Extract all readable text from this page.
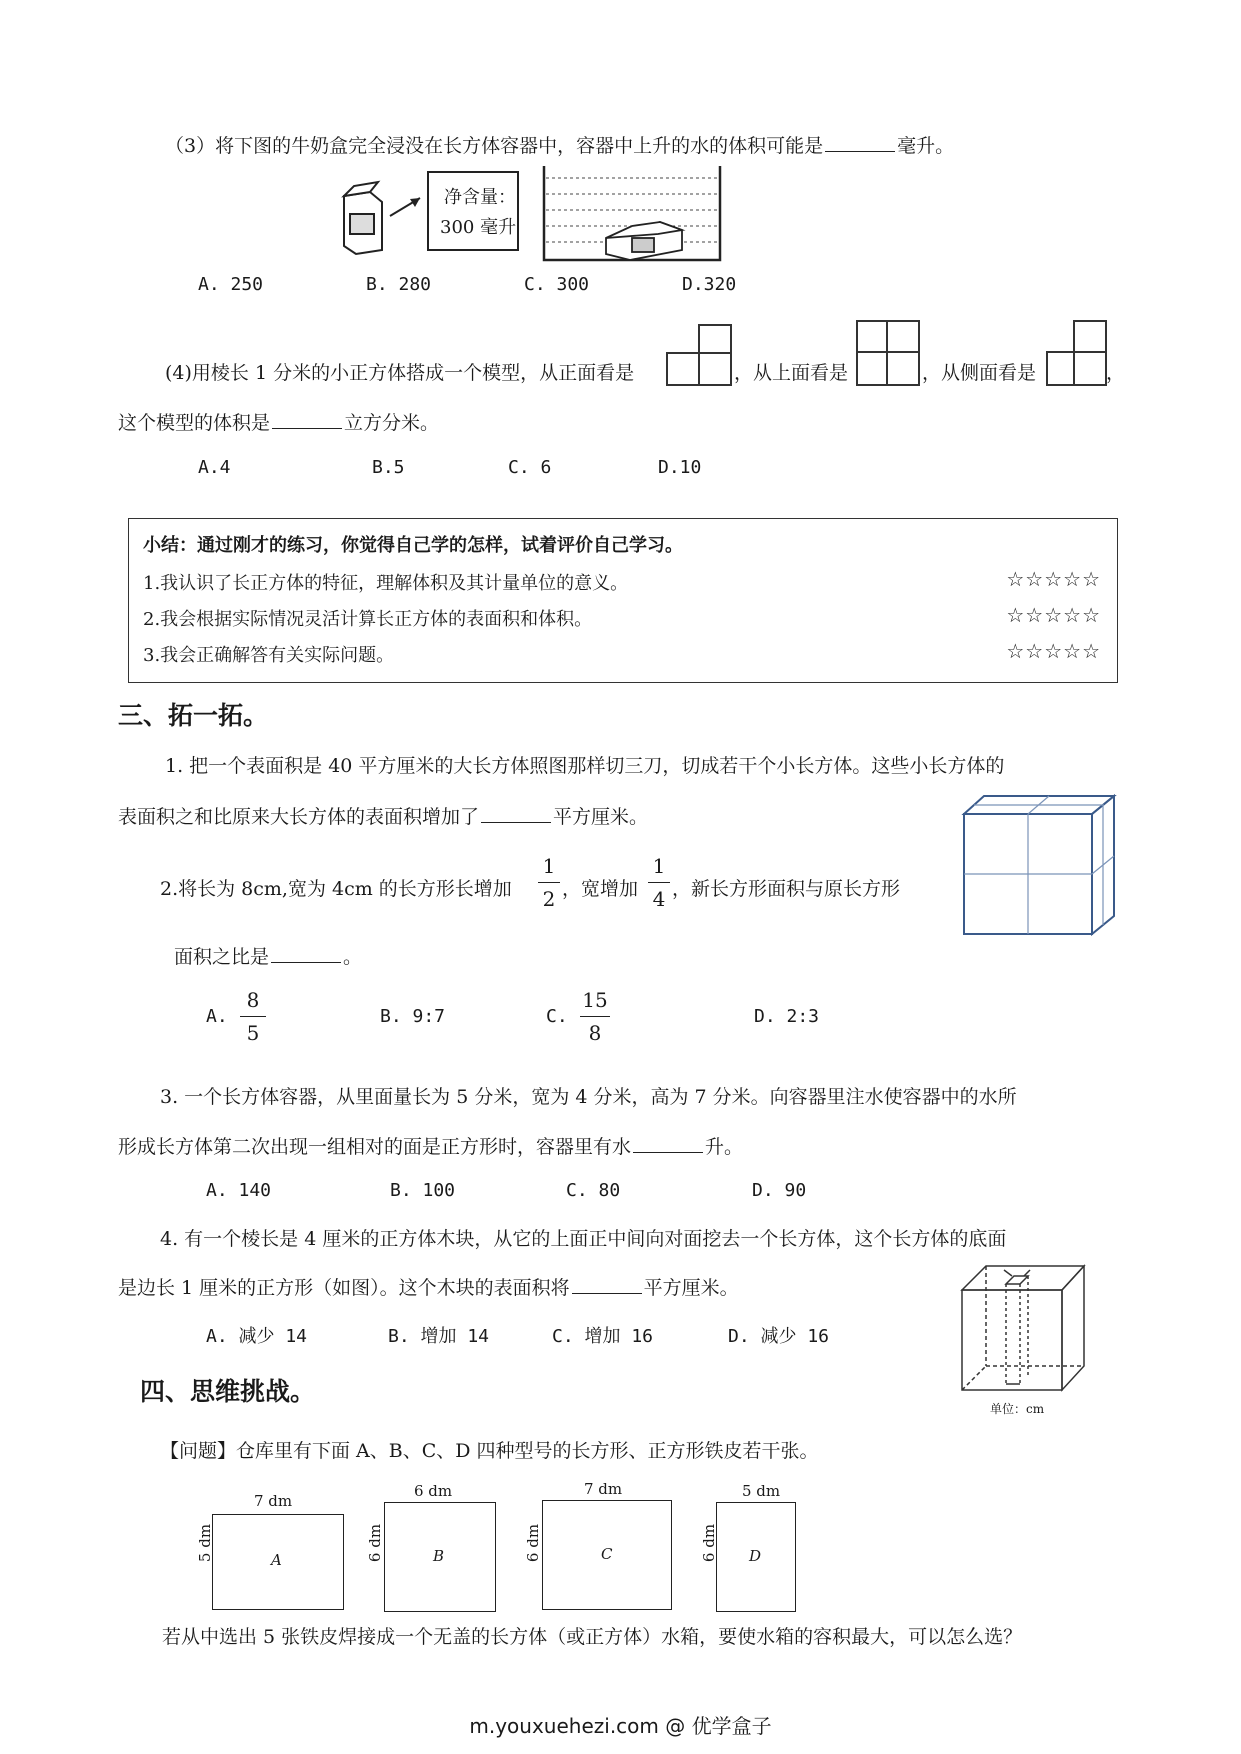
（3）将下图的牛奶盒完全浸没在长方体容器中，容器中上升的水的体积可能是	毫升。
净含量：
300 毫升
A. 250	B. 280	C. 300	D.320
(4)用棱长 1 分米的小正方体搭成一个模型，从正面看是	，从上面看是	，从侧面看是	，
这个模型的体积是	立方分米。
A.4	B.5	C. 6	D.10
小结：通过刚才的练习，你觉得自己学的怎样，试着评价自己学习。
1.我认识了长正方体的特征，理解体积及其计量单位的意义。	☆☆☆☆☆
2.我会根据实际情况灵活计算长正方体的表面积和体积。	☆☆☆☆☆
3.我会正确解答有关实际问题。	☆☆☆☆☆
三、拓一拓。
1. 把一个表面积是 40 平方厘米的大长方体照图那样切三刀，切成若干个小长方体。这些小长方体的
表面积之和比原来大长方体的表面积增加了	平方厘米。
2.将长为 8cm,宽为 4cm 的长方形长增加
1
2 ，宽增加
1
4 ，新长方形面积与原长方形
面积之比是	。
A.
8
5
B. 9:7	C.
15
8
D. 2:3
3. 一个长方体容器，从里面量长为 5 分米，宽为 4 分米，高为 7 分米。向容器里注水使容器中的水所
形成长方体第二次出现一组相对的面是正方形时，容器里有水	升。
A. 140	B. 100	C. 80	D. 90
4. 有一个棱长是 4 厘米的正方体木块，从它的上面正中间向对面挖去一个长方体，这个长方体的底面
是边长 1 厘米的正方形（如图）。这个木块的表面积将	平方厘米。
A. 减少 14	B. 增加 14	C. 增加 16	D. 减少 16
单位：cm
四、思维挑战。
【问题】仓库里有下面 A、B、C、D 四种型号的长方形、正方形铁皮若干张。
7 dm
5 dm	A
6 dm
6 dm	B
7 dm
6 dm	C
5 dm
6 dm D
若从中选出 5 张铁皮焊接成一个无盖的长方体（或正方体）水箱，要使水箱的容积最大，可以怎么选？
m.youxuehezi.com @ 优学盒子
